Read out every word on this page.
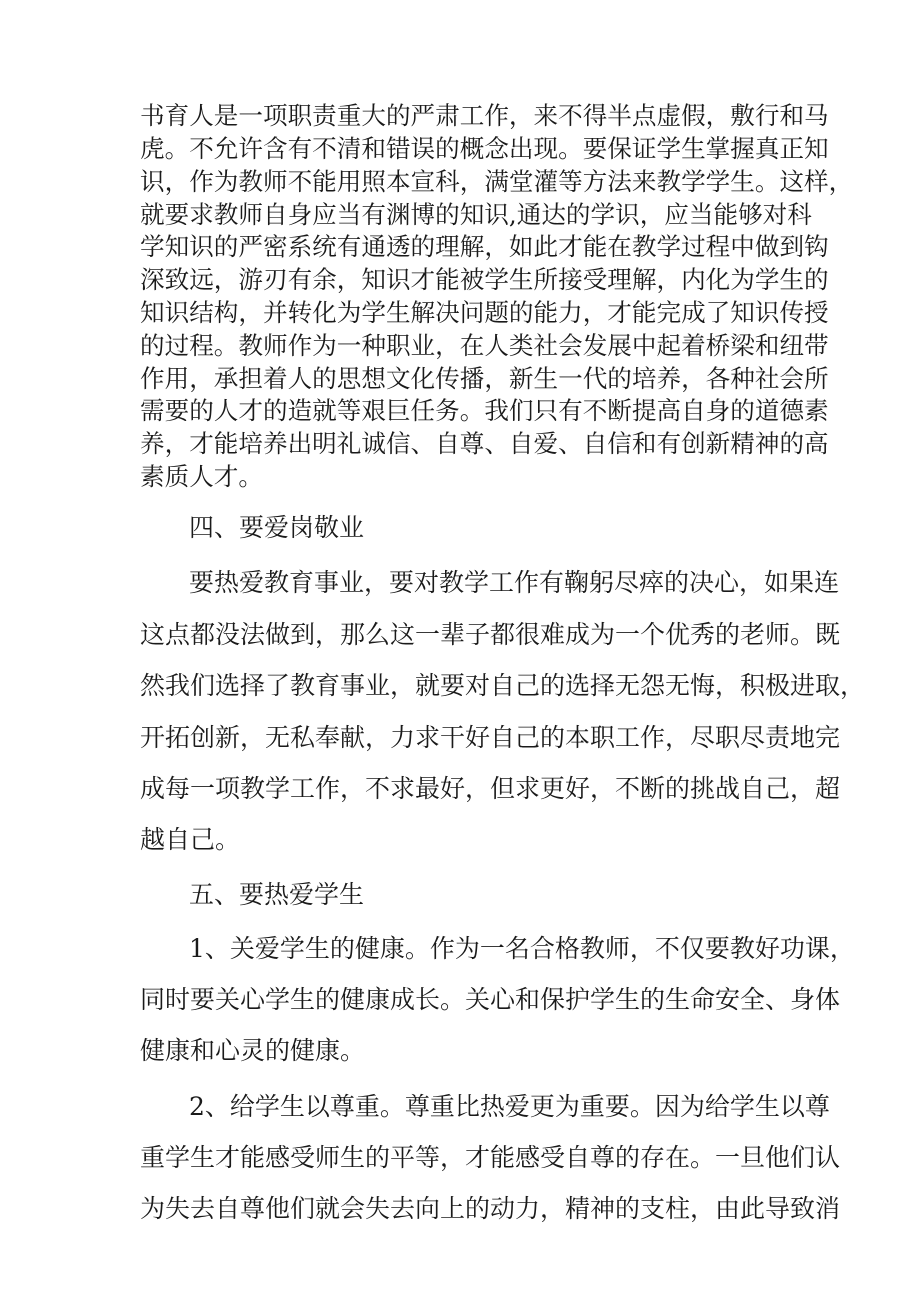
书育人是一项职责重大的严肃工作，来不得半点虚假，敷行和马
虎。不允许含有不清和错误的概念出现。要保证学生掌握真正知
识，作为教师不能用照本宣科，满堂灌等方法来教学学生。这样，
就要求教师自身应当有渊博的知识,通达的学识，应当能够对科
学知识的严密系统有通透的理解，如此才能在教学过程中做到钩
深致远，游刃有余，知识才能被学生所接受理解，内化为学生的
知识结构，并转化为学生解决问题的能力，才能完成了知识传授
的过程。教师作为一种职业，在人类社会发展中起着桥梁和纽带
作用，承担着人的思想文化传播，新生一代的培养，各种社会所
需要的人才的造就等艰巨任务。我们只有不断提高自身的道德素
养，才能培养出明礼诚信、自尊、自爱、自信和有创新精神的高
素质人才。
四、要爱岗敬业
要热爱教育事业，要对教学工作有鞠躬尽瘁的决心，如果连
这点都没法做到，那么这一辈子都很难成为一个优秀的老师。既
然我们选择了教育事业，就要对自己的选择无怨无悔，积极进取，
开拓创新，无私奉献，力求干好自己的本职工作，尽职尽责地完
成每一项教学工作，不求最好，但求更好，不断的挑战自己，超
越自己。
五、要热爱学生
1、关爱学生的健康。作为一名合格教师，不仅要教好功课，
同时要关心学生的健康成长。关心和保护学生的生命安全、身体
健康和心灵的健康。
2、给学生以尊重。尊重比热爱更为重要。因为给学生以尊
重学生才能感受师生的平等，才能感受自尊的存在。一旦他们认
为失去自尊他们就会失去向上的动力，精神的支柱，由此导致消
